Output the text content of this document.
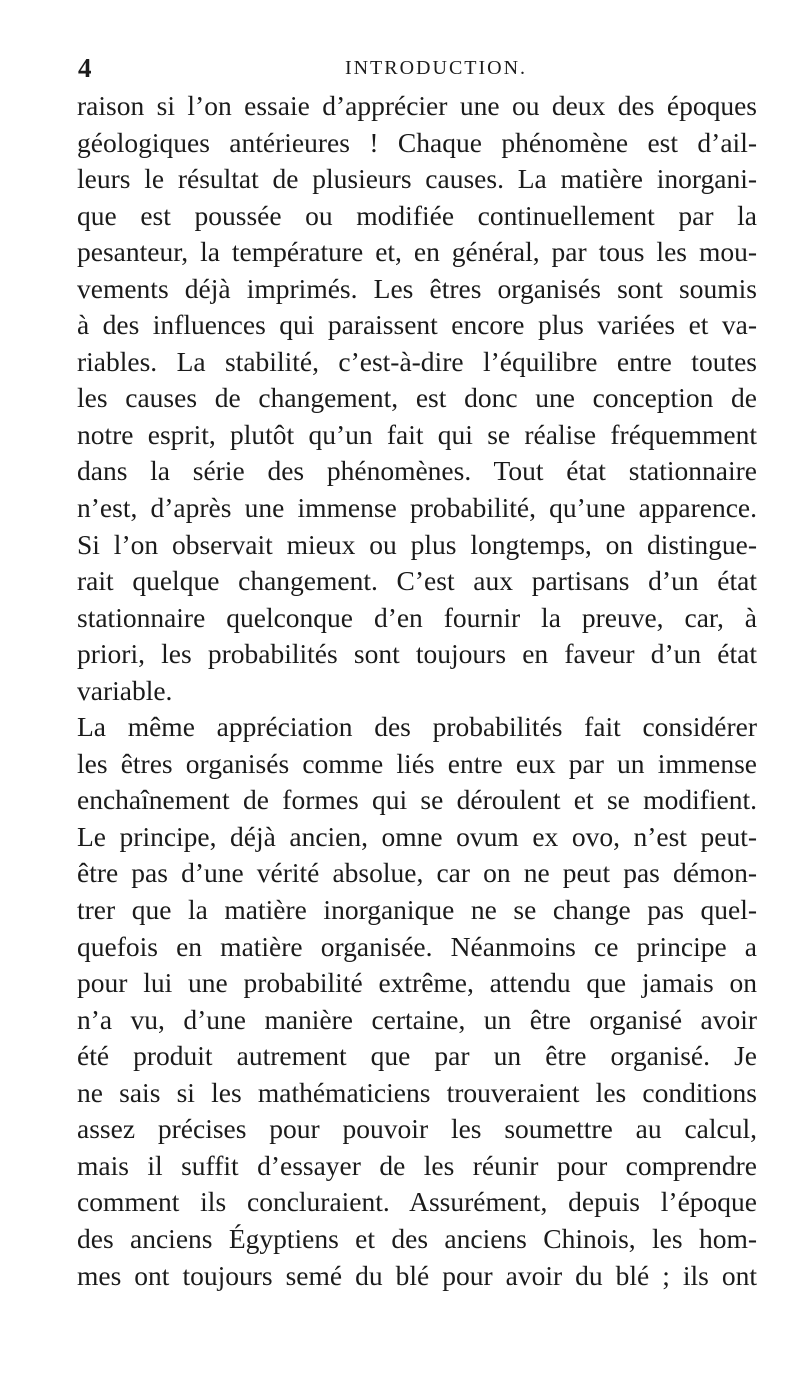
4	INTRODUCTION.
raison si l’on essaie d’apprécier une ou deux des époques
géologiques antérieures ! Chaque phénomène est d’ail-
leurs le résultat de plusieurs causes. La matière inorgani-
que est poussée ou modifiée continuellement par la
pesanteur, la température et, en général, par tous les mou-
vements déjà imprimés. Les êtres organisés sont soumis
à des influences qui paraissent encore plus variées et va-
riables. La stabilité, c’est-à-dire l’équilibre entre toutes
les causes de changement, est donc une conception de
notre esprit, plutôt qu’un fait qui se réalise fréquemment
dans la série des phénomènes. Tout état stationnaire
n’est, d’après une immense probabilité, qu’une apparence.
Si l’on observait mieux ou plus longtemps, on distingue-
rait quelque changement. C’est aux partisans d’un état
stationnaire quelconque d’en fournir la preuve, car, à
priori, les probabilités sont toujours en faveur d’un état
variable.
La même appréciation des probabilités fait considérer
les êtres organisés comme liés entre eux par un immense
enchaînement de formes qui se déroulent et se modifient.
Le principe, déjà ancien, omne ovum ex ovo, n’est peut-
être pas d’une vérité absolue, car on ne peut pas démon-
trer que la matière inorganique ne se change pas quel-
quefois en matière organisée. Néanmoins ce principe a
pour lui une probabilité extrême, attendu que jamais on
n’a vu, d’une manière certaine, un être organisé avoir
été produit autrement que par un être organisé. Je
ne sais si les mathématiciens trouveraient les conditions
assez précises pour pouvoir les soumettre au calcul,
mais il suffit d’essayer de les réunir pour comprendre
comment ils concluraient. Assurément, depuis l’époque
des anciens Égyptiens et des anciens Chinois, les hom-
mes ont toujours semé du blé pour avoir du blé ; ils ont
